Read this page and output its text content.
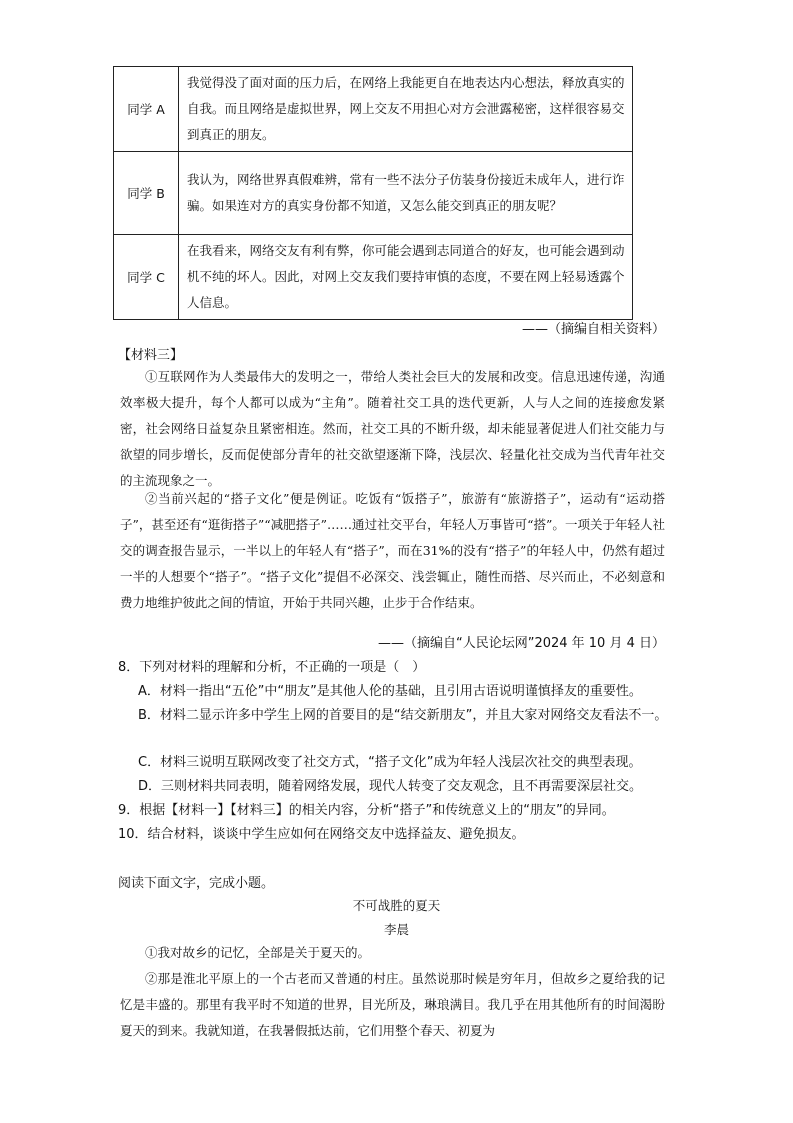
同学 A	我觉得没了面对面的压力后，在网络上我能更自在地表达内心想法，释放真实的自我。而且网络是虚拟世界，网上交友不用担心对方会泄露秘密，这样很容易交到真正的朋友。
同学 B	我认为，网络世界真假难辨，常有一些不法分子仿装身份接近未成年人，进行诈骗。如果连对方的真实身份都不知道，又怎么能交到真正的朋友呢？
同学 C	在我看来，网络交友有利有弊，你可能会遇到志同道合的好友，也可能会遇到动机不纯的坏人。因此，对网上交友我们要持审慎的态度，不要在网上轻易透露个人信息。
——（摘编自相关资料）
【材料三】

①互联网作为人类最伟大的发明之一，带给人类社会巨大的发展和改变。信息迅速传递，沟通效率极大提升，每个人都可以成为“主角”。随着社交工具的迭代更新，人与人之间的连接愈发紧密，社会网络日益复杂且紧密相连。然而，社交工具的不断升级，却未能显著促进人们社交能力与欲望的同步增长，反而促使部分青年的社交欲望逐渐下降，浅层次、轻量化社交成为当代青年社交的主流现象之一。

②当前兴起的“搭子文化”便是例证。吃饭有“饭搭子”，旅游有“旅游搭子”，运动有“运动搭子”，甚至还有“逛街搭子”“减肥搭子”……通过社交平台，年轻人万事皆可“搭”。一项关于年轻人社交的调查报告显示，一半以上的年轻人有“搭子”，而在31%的没有“搭子”的年轻人中，仍然有超过一半的人想要个“搭子”。“搭子文化”提倡不必深交、浅尝辄止，随性而搭、尽兴而止，不必刻意和费力地维护彼此之间的情谊，开始于共同兴趣，止步于合作结束。

——（摘编自“人民论坛网”2024 年 10 月 4 日）

8．下列对材料的理解和分析，不正确的一项是（　）

A．材料一指出“五伦”中“朋友”是其他人伦的基础，且引用古语说明谨慎择友的重要性。

B．材料二显示许多中学生上网的首要目的是“结交新朋友”，并且大家对网络交友看法不一。

C．材料三说明互联网改变了社交方式，“搭子文化”成为年轻人浅层次社交的典型表现。

D．三则材料共同表明，随着网络发展，现代人转变了交友观念，且不再需要深层社交。

9．根据【材料一】【材料三】的相关内容，分析“搭子”和传统意义上的“朋友”的异同。

10．结合材料，谈谈中学生应如何在网络交友中选择益友、避免损友。

阅读下面文字，完成小题。
不可战胜的夏天
李晨

①我对故乡的记忆，全部是关于夏天的。

②那是淮北平原上的一个古老而又普通的村庄。虽然说那时候是穷年月，但故乡之夏给我的记忆是丰盛的。那里有我平时不知道的世界，目光所及，琳琅满目。我几乎在用其他所有的时间渴盼夏天的到来。我就知道，在我暑假抵达前，它们用整个春天、初夏为
